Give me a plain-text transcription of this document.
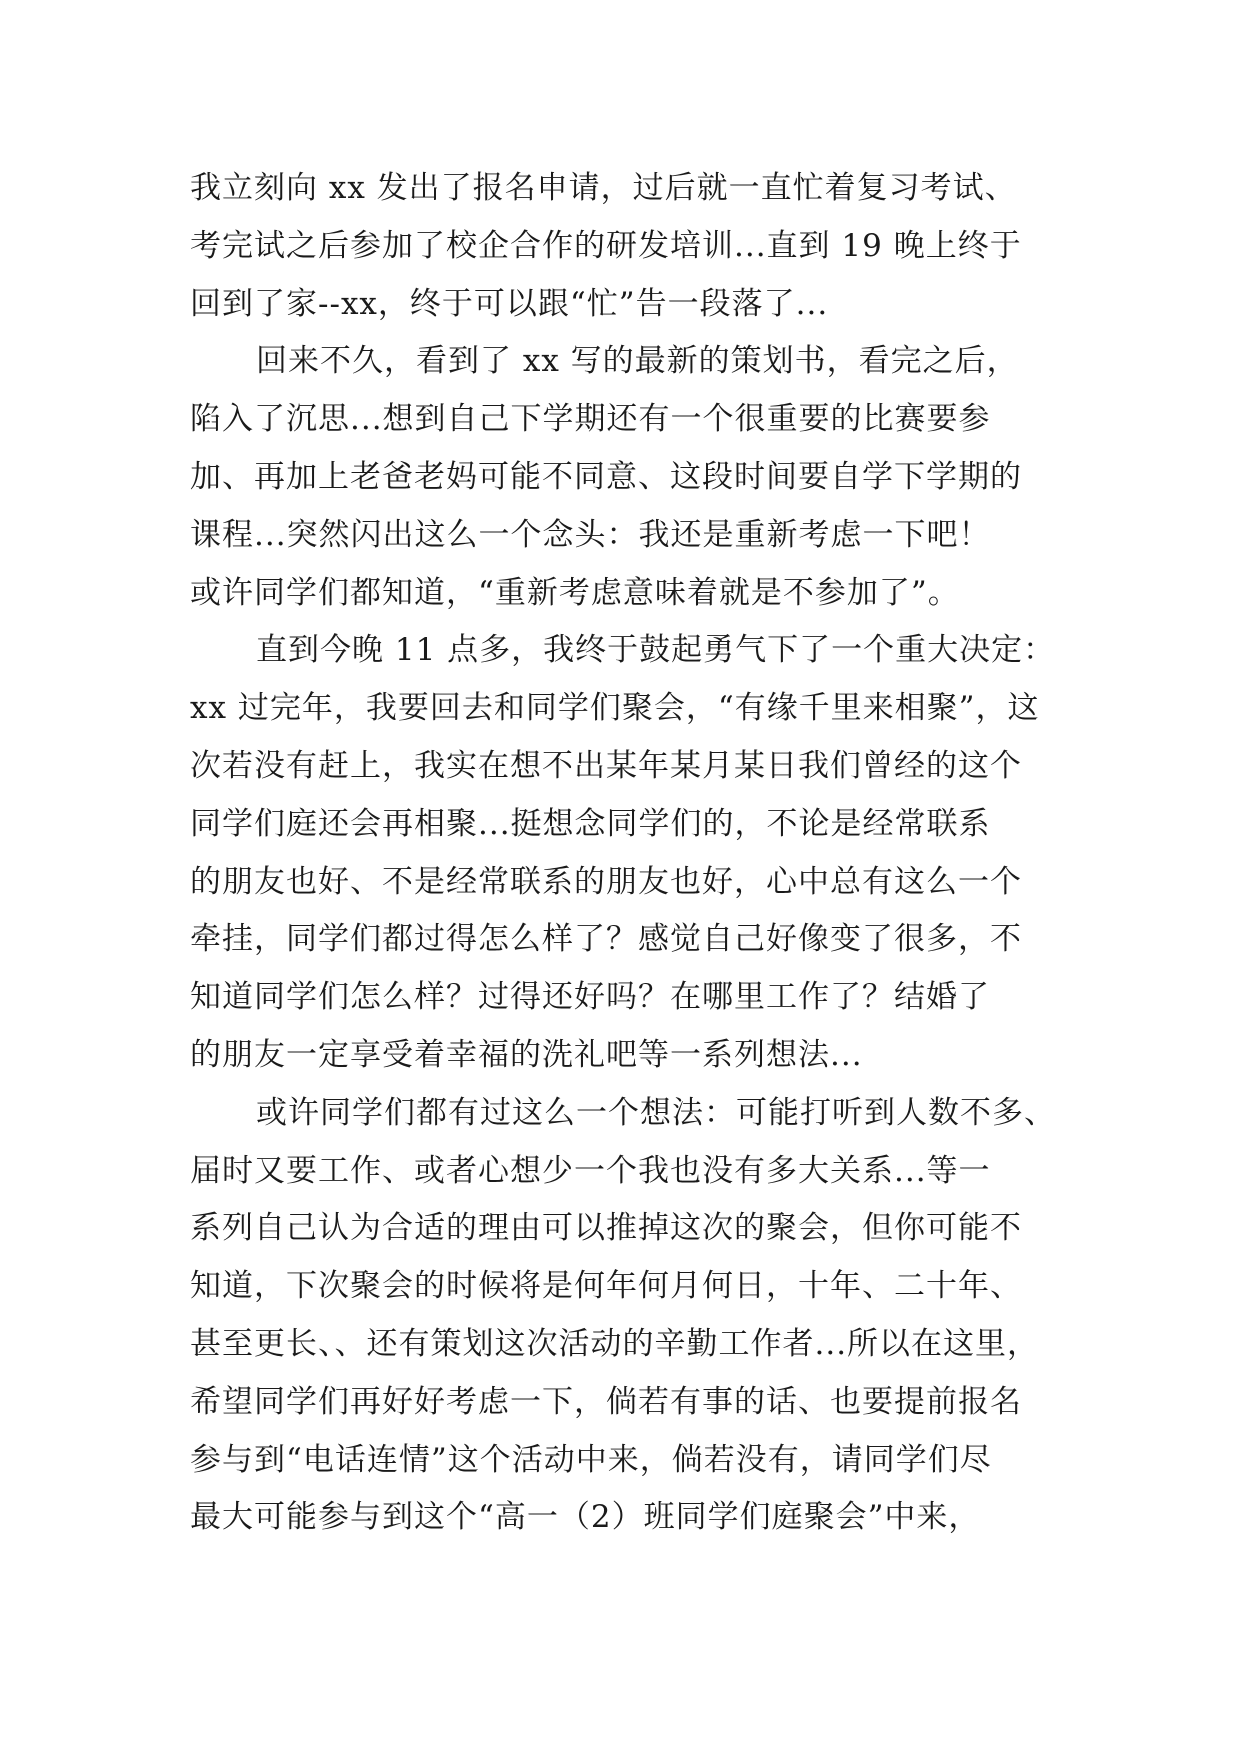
我立刻向 xx 发出了报名申请，过后就一直忙着复习考试、
考完试之后参加了校企合作的研发培训...直到 19 晚上终于
回到了家--xx，终于可以跟“忙”告一段落了...
回来不久，看到了 xx 写的最新的策划书，看完之后，
陷入了沉思...想到自己下学期还有一个很重要的比赛要参
加、再加上老爸老妈可能不同意、这段时间要自学下学期的
课程...突然闪出这么一个念头：我还是重新考虑一下吧！
或许同学们都知道，“重新考虑意味着就是不参加了”。
直到今晚 11 点多，我终于鼓起勇气下了一个重大决定：
xx 过完年，我要回去和同学们聚会，“有缘千里来相聚”，这
次若没有赶上，我实在想不出某年某月某日我们曾经的这个
同学们庭还会再相聚...挺想念同学们的，不论是经常联系
的朋友也好、不是经常联系的朋友也好，心中总有这么一个
牵挂，同学们都过得怎么样了？感觉自己好像变了很多，不
知道同学们怎么样？过得还好吗？在哪里工作了？结婚了
的朋友一定享受着幸福的洗礼吧等一系列想法...
或许同学们都有过这么一个想法：可能打听到人数不多、
届时又要工作、或者心想少一个我也没有多大关系...等一
系列自己认为合适的理由可以推掉这次的聚会，但你可能不
知道，下次聚会的时候将是何年何月何日，十年、二十年、
甚至更长、、还有策划这次活动的辛勤工作者...所以在这里，
希望同学们再好好考虑一下，倘若有事的话、也要提前报名
参与到“电话连情”这个活动中来，倘若没有，请同学们尽
最大可能参与到这个“高一（2）班同学们庭聚会”中来，
